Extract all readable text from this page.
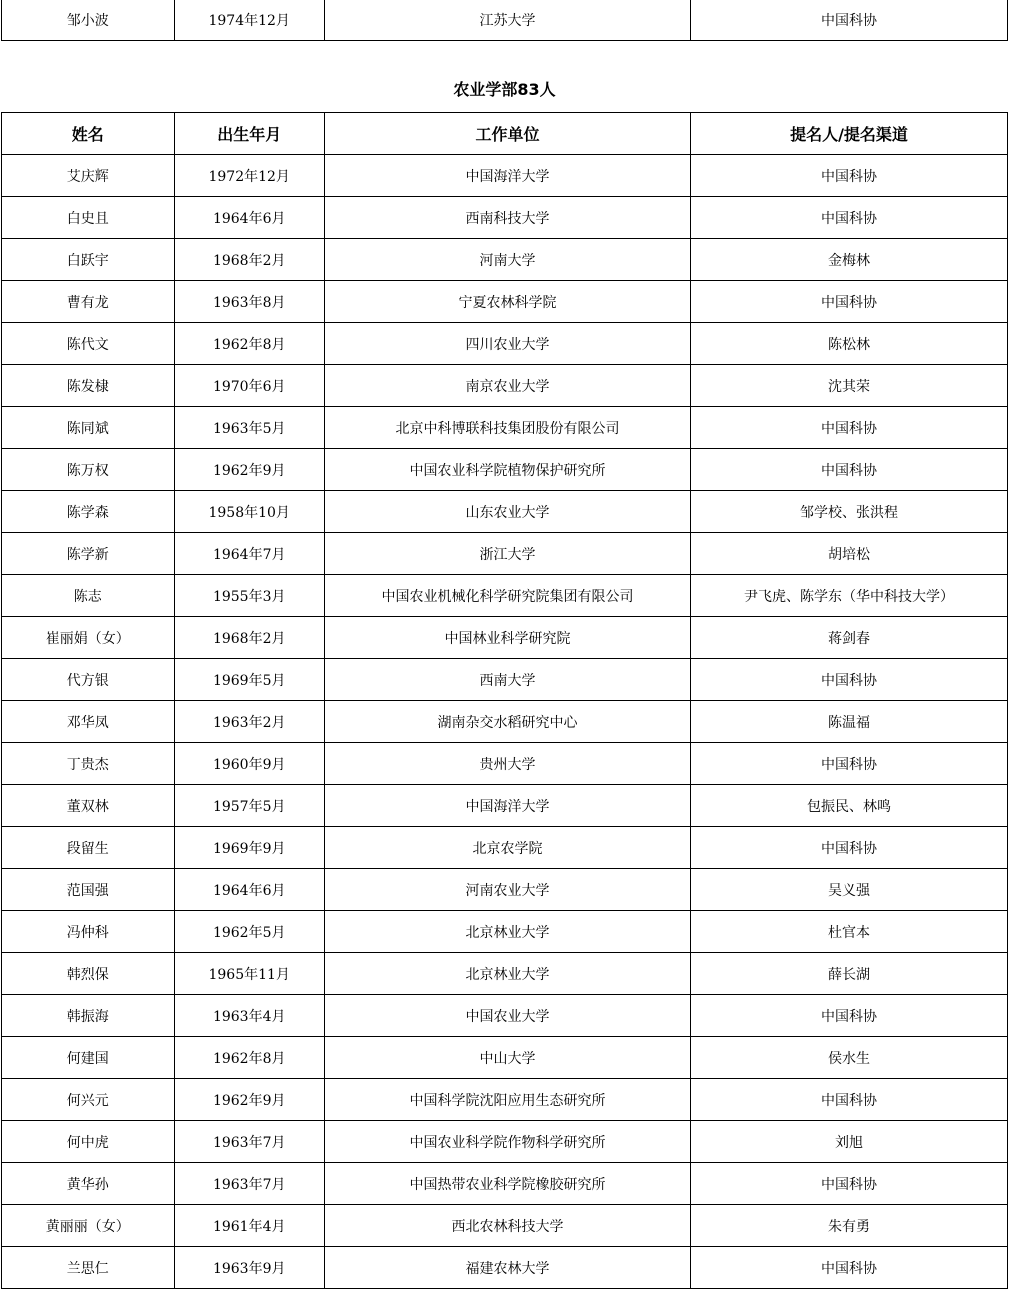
邹小波	1974年12月	江苏大学	中国科协
农业学部83人
姓名	出生年月	工作单位	提名人/提名渠道
艾庆辉	1972年12月	中国海洋大学	中国科协
白史且	1964年6月	西南科技大学	中国科协
白跃宇	1968年2月	河南大学	金梅林
曹有龙	1963年8月	宁夏农林科学院	中国科协
陈代文	1962年8月	四川农业大学	陈松林
陈发棣	1970年6月	南京农业大学	沈其荣
陈同斌	1963年5月	北京中科博联科技集团股份有限公司	中国科协
陈万权	1962年9月	中国农业科学院植物保护研究所	中国科协
陈学森	1958年10月	山东农业大学	邹学校、张洪程
陈学新	1964年7月	浙江大学	胡培松
陈志	1955年3月	中国农业机械化科学研究院集团有限公司	尹飞虎、陈学东（华中科技大学）
崔丽娟（女）	1968年2月	中国林业科学研究院	蒋剑春
代方银	1969年5月	西南大学	中国科协
邓华凤	1963年2月	湖南杂交水稻研究中心	陈温福
丁贵杰	1960年9月	贵州大学	中国科协
董双林	1957年5月	中国海洋大学	包振民、林鸣
段留生	1969年9月	北京农学院	中国科协
范国强	1964年6月	河南农业大学	吴义强
冯仲科	1962年5月	北京林业大学	杜官本
韩烈保	1965年11月	北京林业大学	薛长湖
韩振海	1963年4月	中国农业大学	中国科协
何建国	1962年8月	中山大学	侯水生
何兴元	1962年9月	中国科学院沈阳应用生态研究所	中国科协
何中虎	1963年7月	中国农业科学院作物科学研究所	刘旭
黄华孙	1963年7月	中国热带农业科学院橡胶研究所	中国科协
黄丽丽（女）	1961年4月	西北农林科技大学	朱有勇
兰思仁	1963年9月	福建农林大学	中国科协
